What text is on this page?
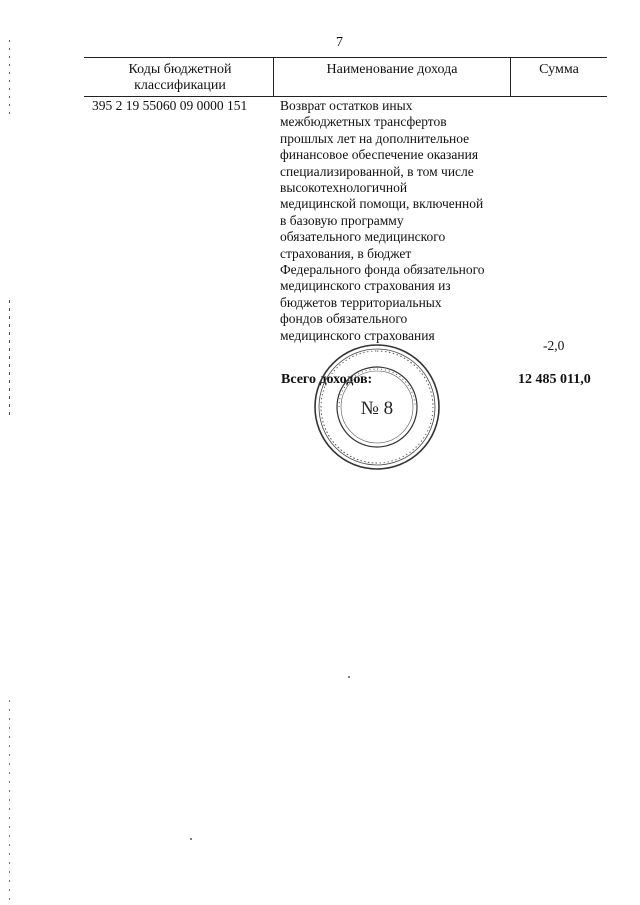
7
Коды бюджетной
классификации
Наименование дохода	Сумма
395 2 19 55060 09 0000 151 Возврат остатков иных
межбюджетных трансфертов
прошлых лет на дополнительное
финансовое обеспечение оказания
специализированной, в том числе
высокотехнологичной
медицинской помощи, включенной
в базовую программу
обязательного медицинского
страхования, в бюджет
Федерального фонда обязательного
медицинского страхования из
бюджетов территориальных
фондов обязательного
медицинского страхования
-2,0
Всего доходов:	12 485 011,0
№ 8
